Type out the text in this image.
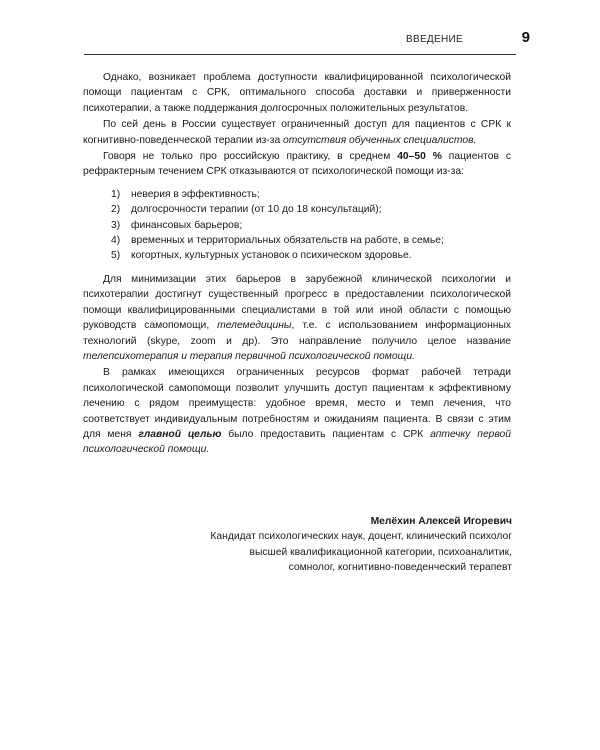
ВВЕДЕНИЕ	9

Однако, возникает проблема доступности квалифицированной психологической помощи пациентам с СРК, оптимального способа доставки и приверженности психотерапии, а также поддержания долгосрочных положительных результатов.

По сей день в России существует ограниченный доступ для пациентов с СРК к когнитивно-поведенческой терапии из-за отсутствия обученных специалистов.

Говоря не только про российскую практику, в среднем 40–50 % пациентов с рефрактерным течением СРК отказываются от психологической помощи из-за:

1) неверия в эффективность;
2) долгосрочности терапии (от 10 до 18 консультаций);
3) финансовых барьеров;
4) временных и территориальных обязательств на работе, в семье;
5) когортных, культурных установок о психическом здоровье.

Для минимизации этих барьеров в зарубежной клинической психологии и психотерапии достигнут существенный прогресс в предоставлении психологической помощи квалифицированными специалистами в той или иной области с помощью руководств самопомощи, телемедицины, т.е. с использованием информационных технологий (skype, zoom и др). Это направление получило целое название телепсихотерапия и терапия первичной психологической помощи.

В рамках имеющихся ограниченных ресурсов формат рабочей тетради психологической самопомощи позволит улучшить доступ пациентам к эффективному лечению с рядом преимуществ: удобное время, место и темп лечения, что соответствует индивидуальным потребностям и ожиданиям пациента. В связи с этим для меня главной целью было предоставить пациентам с СРК аптечку первой психологической помощи.

Мелёхин Алексей Игоревич
Кандидат психологических наук, доцент, клинический психолог
высшей квалификационной категории, психоаналитик,
сомнолог, когнитивно-поведенческий терапевт
